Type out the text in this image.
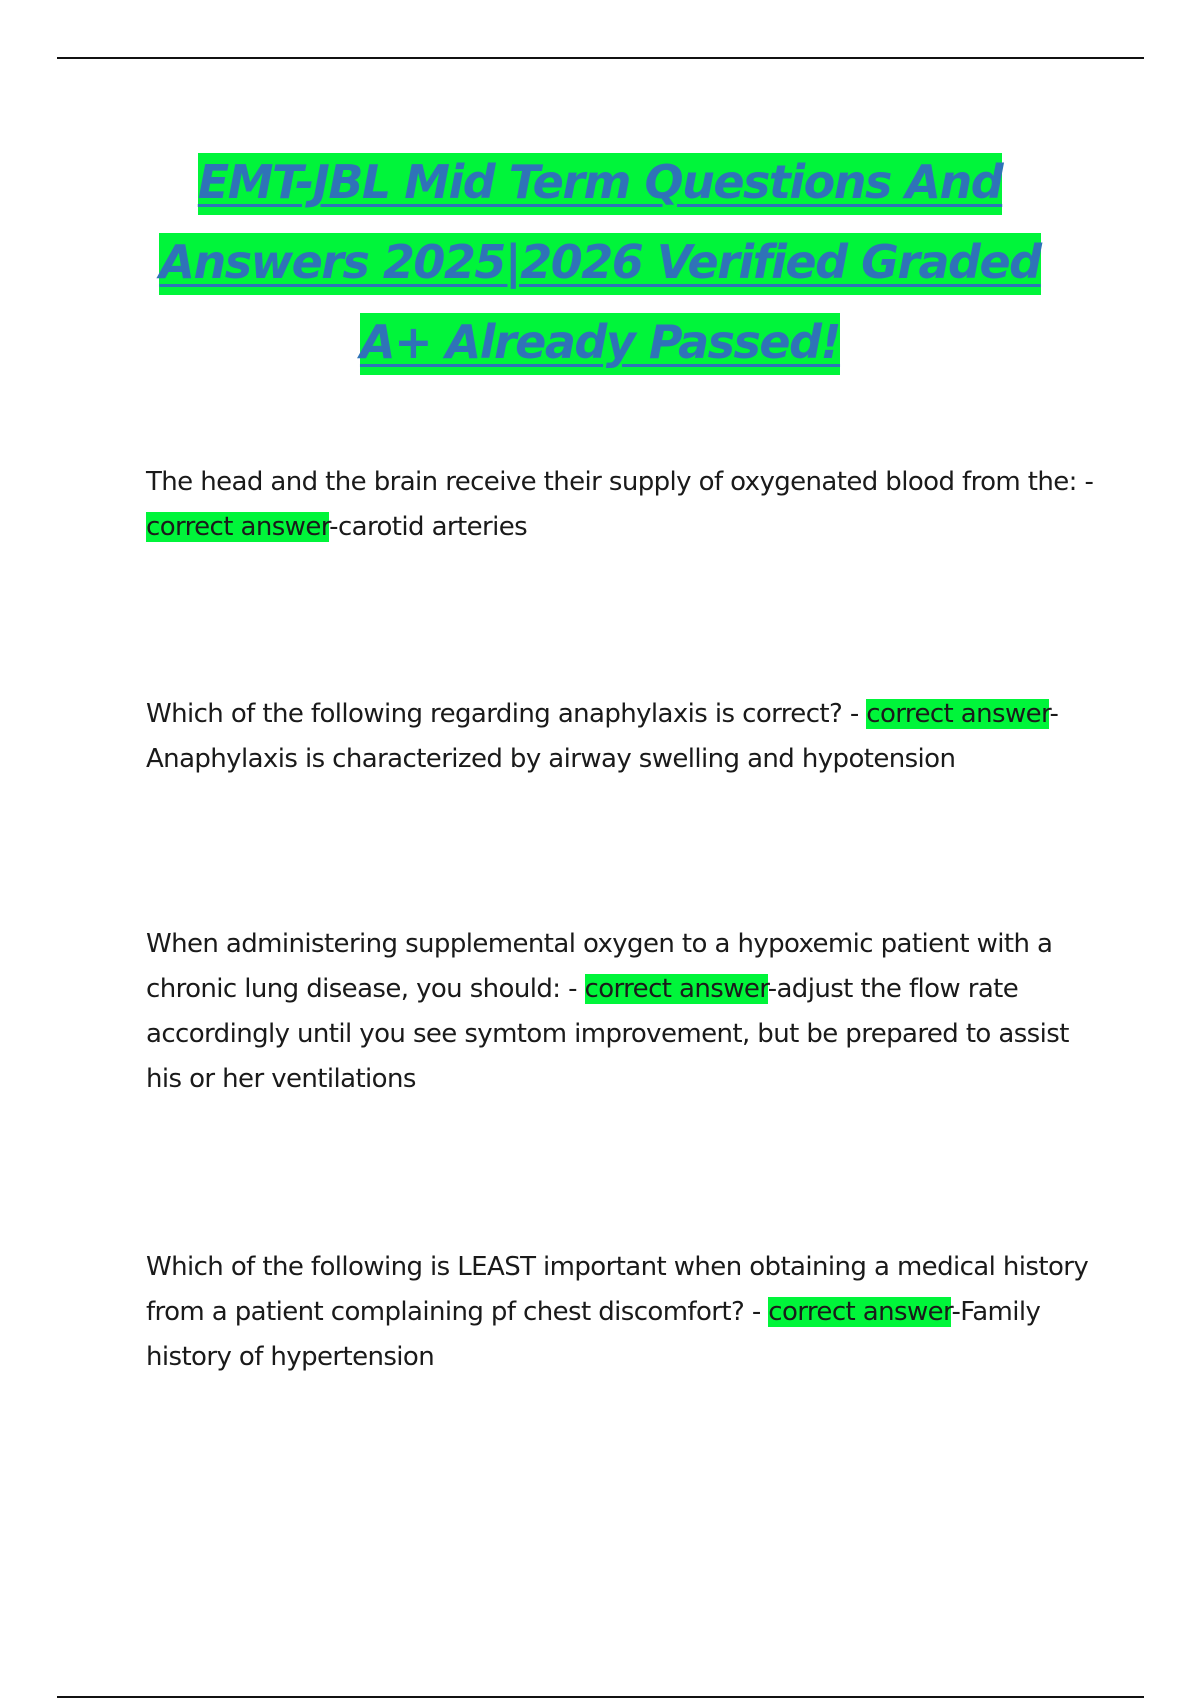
EMT-JBL Mid Term Questions And Answers 2025|2026 Verified Graded A+ Already Passed!

The head and the brain receive their supply of oxygenated blood from the: - correct answer-carotid arteries

Which of the following regarding anaphylaxis is correct? - correct answer-Anaphylaxis is characterized by airway swelling and hypotension

When administering supplemental oxygen to a hypoxemic patient with a chronic lung disease, you should: - correct answer-adjust the flow rate accordingly until you see symtom improvement, but be prepared to assist his or her ventilations

Which of the following is LEAST important when obtaining a medical history from a patient complaining pf chest discomfort? - correct answer-Family history of hypertension
